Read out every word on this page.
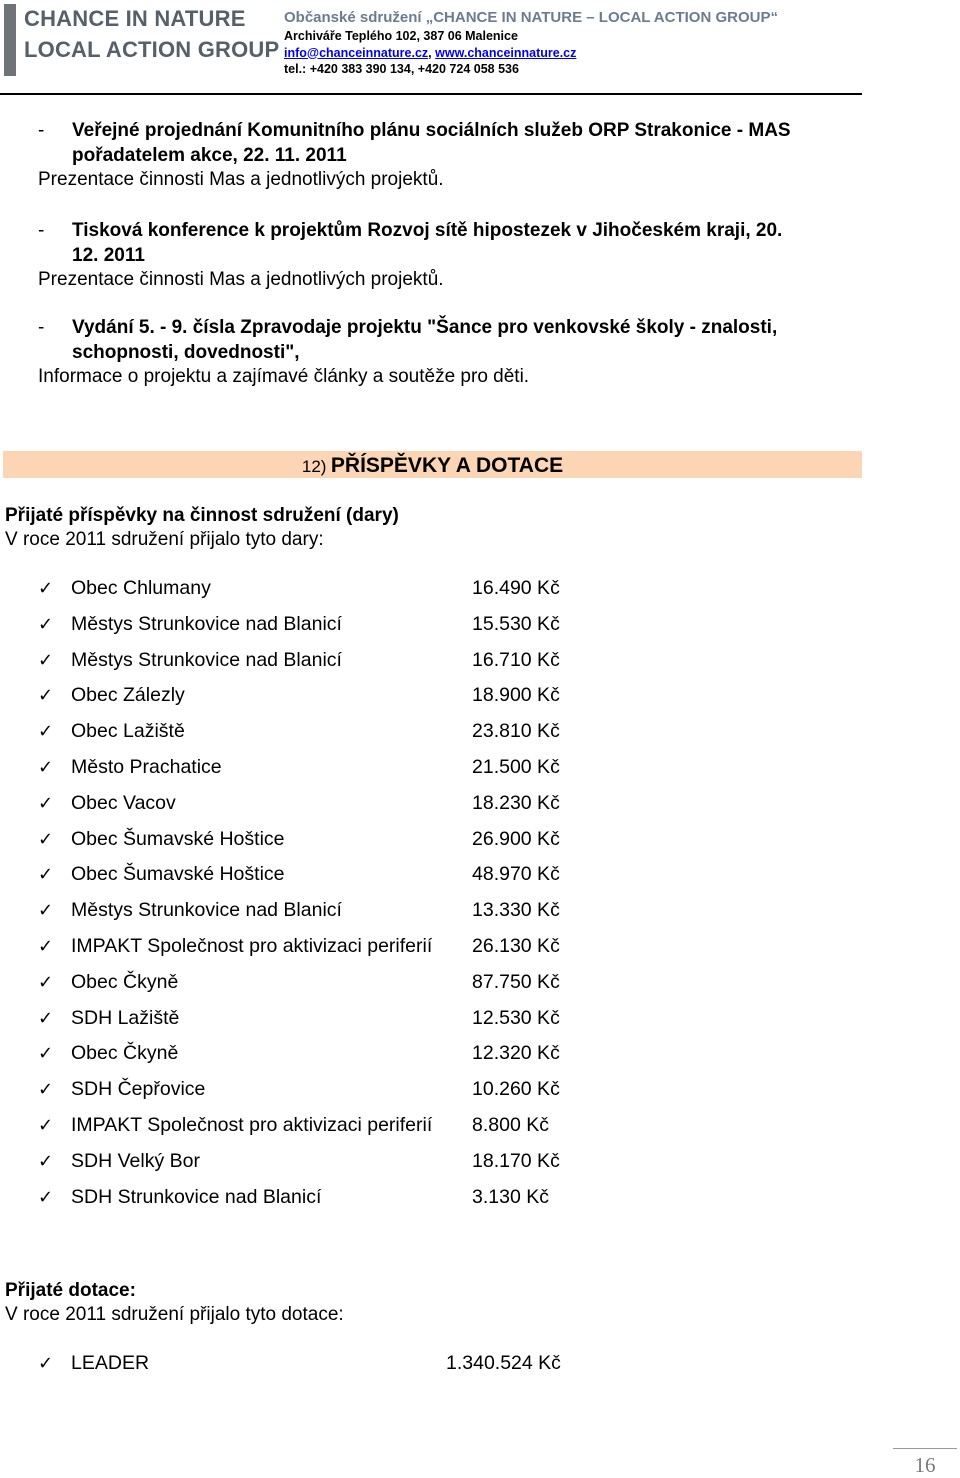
CHANCE IN NATURE
LOCAL ACTION GROUP
Občanské sdružení „CHANCE IN NATURE – LOCAL ACTION GROUP“
Archiváře Teplého 102, 387 06 Malenice
info@chanceinnature.cz, www.chanceinnature.cz
tel.: +420 383 390 134, +420 724 058 536
-	Veřejné projednání Komunitního plánu sociálních služeb ORP Strakonice - MAS
pořadatelem akce, 22. 11. 2011
Prezentace činnosti Mas a jednotlivých projektů.
-	Tisková konference k projektům Rozvoj sítě hipostezek v Jihočeském kraji, 20.
12. 2011
Prezentace činnosti Mas a jednotlivých projektů.
-	Vydání 5. - 9. čísla Zpravodaje projektu "Šance pro venkovské školy - znalosti,
schopnosti, dovednosti",
Informace o projektu a zajímavé články a soutěže pro děti.
12) PŘÍSPĚVKY A DOTACE
Přijaté příspěvky na činnost sdružení (dary)
V roce 2011 sdružení přijalo tyto dary:
✓ Obec Chlumany	16.490 Kč
✓ Městys Strunkovice nad Blanicí	15.530 Kč
✓ Městys Strunkovice nad Blanicí	16.710 Kč
✓ Obec Zálezly	18.900 Kč
✓ Obec Lažiště	23.810 Kč
✓ Město Prachatice	21.500 Kč
✓ Obec Vacov	18.230 Kč
✓ Obec Šumavské Hoštice	26.900 Kč
✓ Obec Šumavské Hoštice	48.970 Kč
✓ Městys Strunkovice nad Blanicí	13.330 Kč
✓ IMPAKT Společnost pro aktivizaci periferií 26.130 Kč
✓ Obec Čkyně	87.750 Kč
✓ SDH Lažiště	12.530 Kč
✓ Obec Čkyně	12.320 Kč
✓ SDH Čepřovice	10.260 Kč
✓ IMPAKT Společnost pro aktivizaci periferií 8.800 Kč
✓ SDH Velký Bor	18.170 Kč
✓ SDH Strunkovice nad Blanicí	3.130 Kč
Přijaté dotace:
V roce 2011 sdružení přijalo tyto dotace:
✓ LEADER	1.340.524 Kč
16
